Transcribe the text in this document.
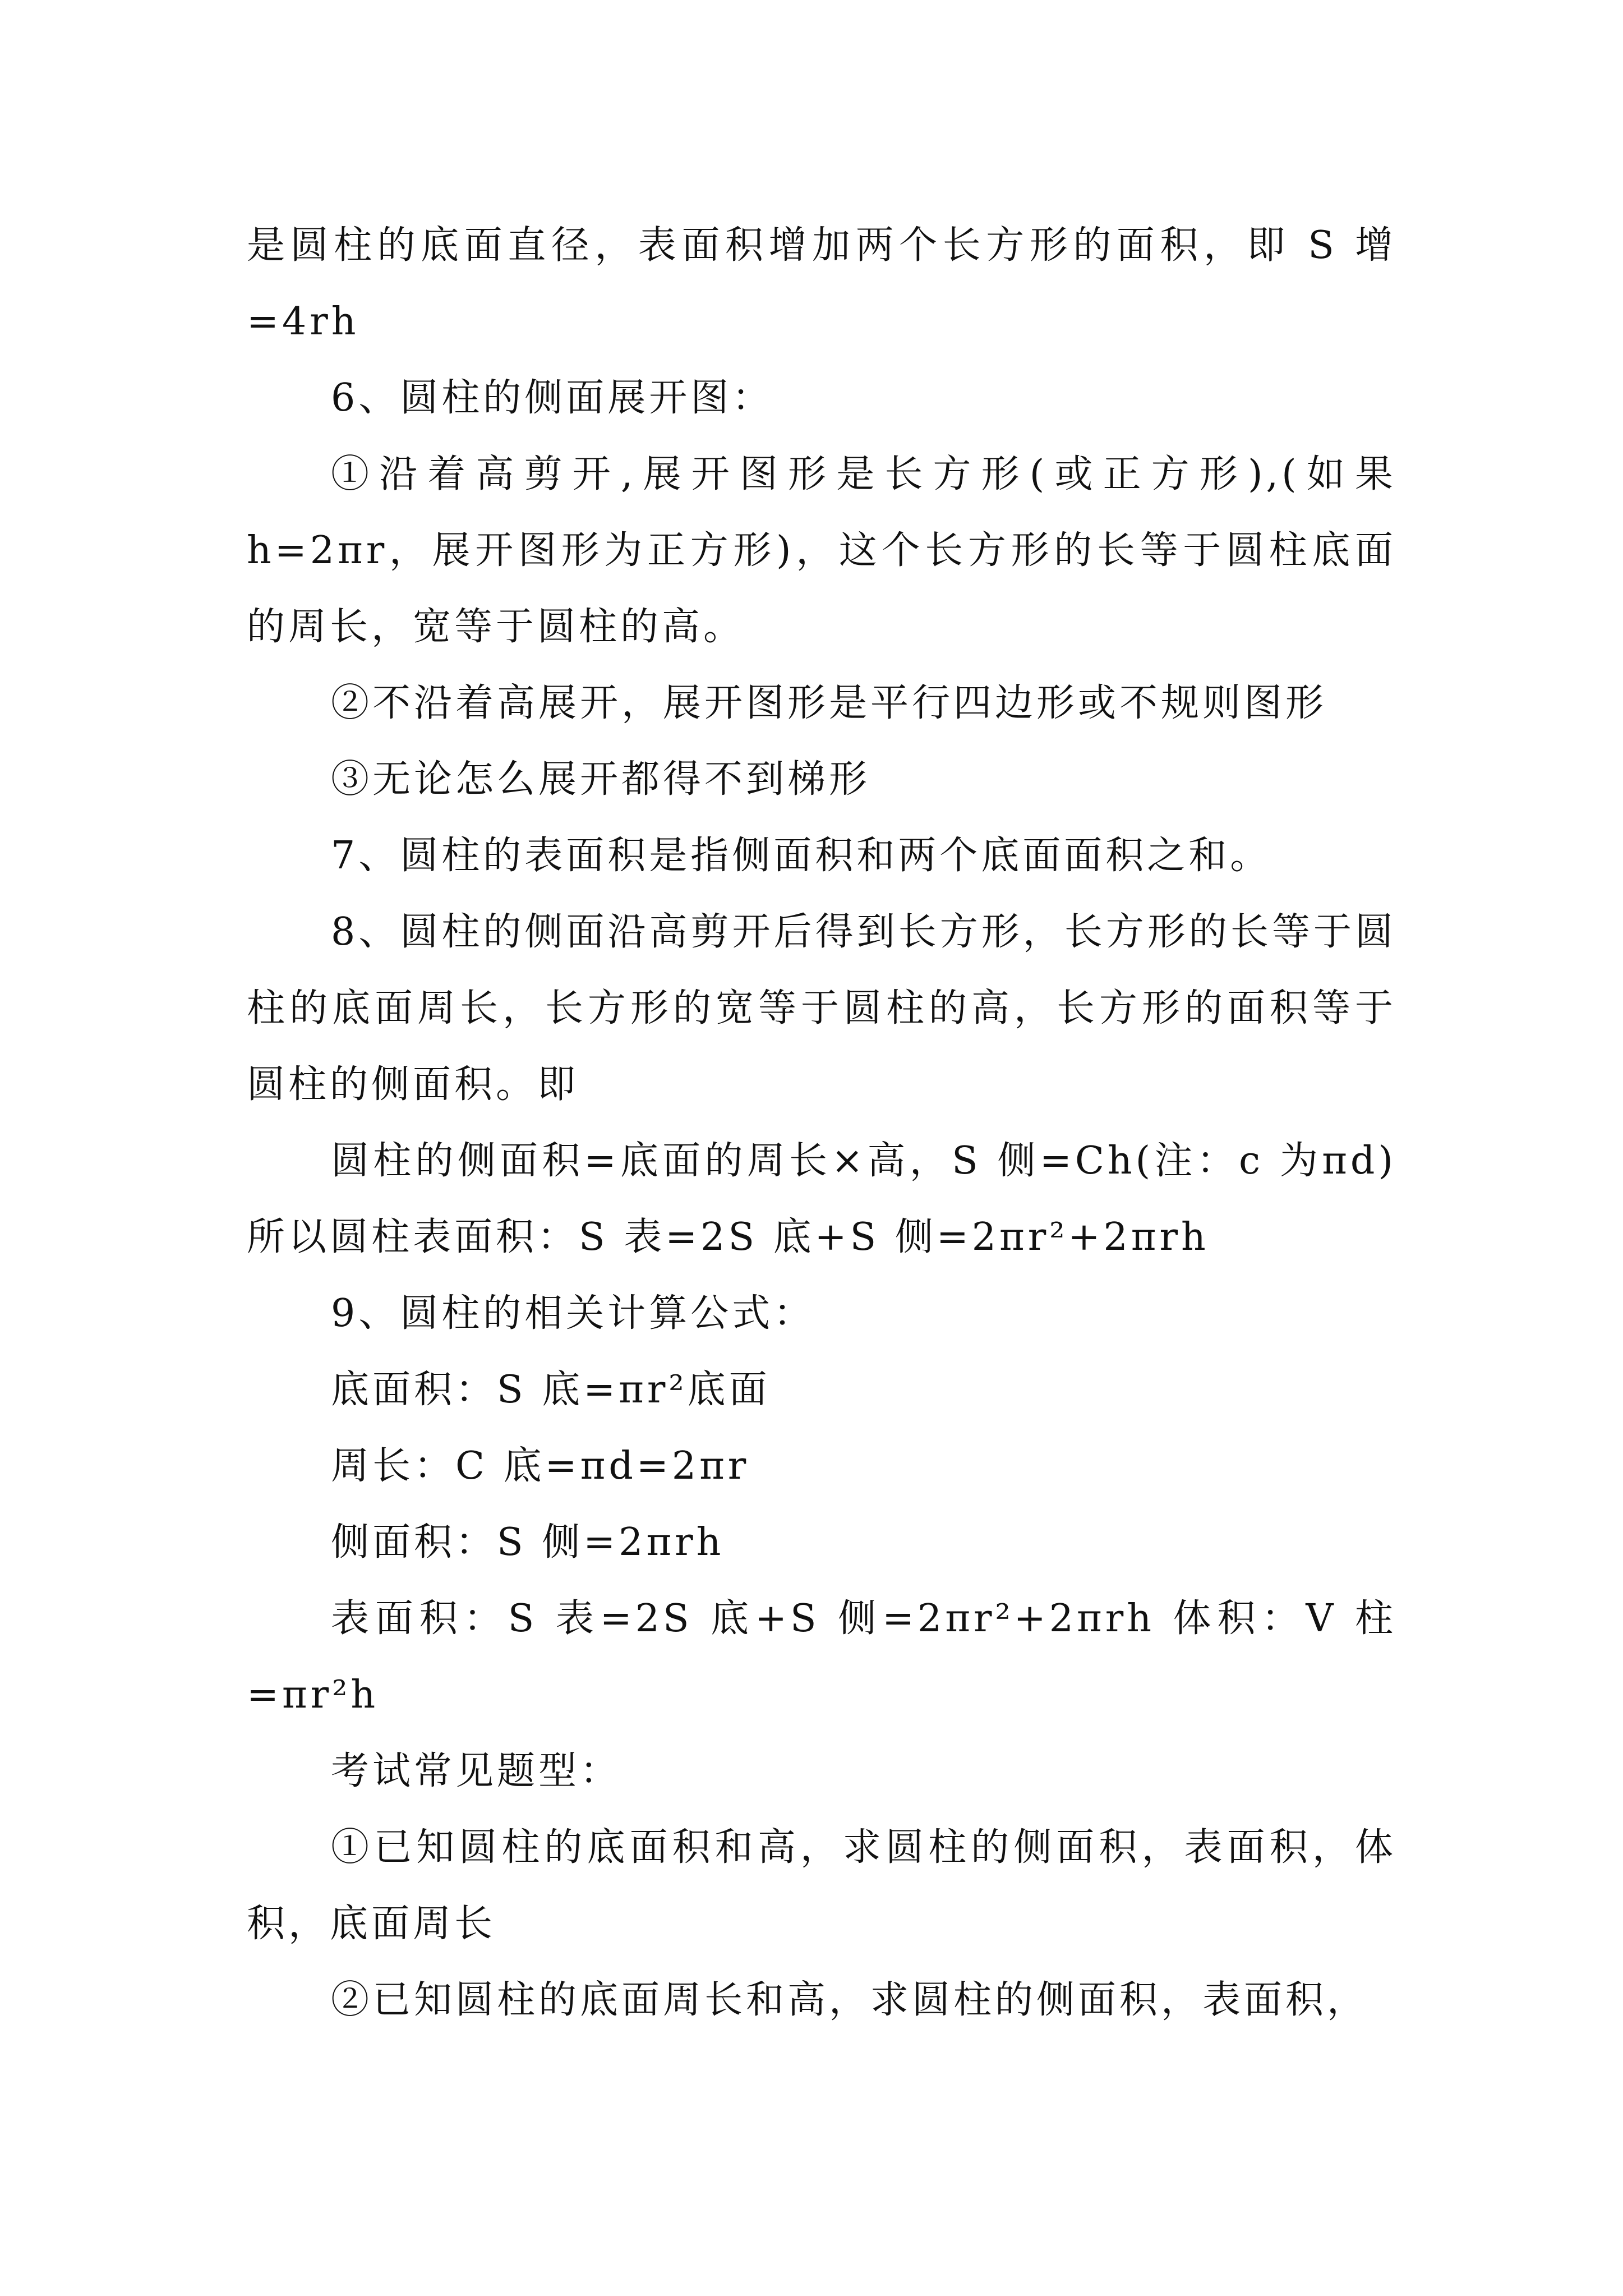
是圆柱的底面直径，表面积增加两个长方形的面积，即 S 增=4rh

6、圆柱的侧面展开图：

①沿着高剪开,展开图形是长方形(或正方形),(如果 h=2πr，展开图形为正方形)，这个长方形的长等于圆柱底面的周长，宽等于圆柱的高。

②不沿着高展开，展开图形是平行四边形或不规则图形

③无论怎么展开都得不到梯形

7、圆柱的表面积是指侧面积和两个底面面积之和。

8、圆柱的侧面沿高剪开后得到长方形，长方形的长等于圆柱的底面周长，长方形的宽等于圆柱的高，长方形的面积等于圆柱的侧面积。即

圆柱的侧面积=底面的周长×高，S 侧=Ch(注：c 为πd)所以圆柱表面积：S 表=2S 底+S 侧=2πr²+2πrh

9、圆柱的相关计算公式：

底面积：S 底=πr²底面

周长：C 底=πd=2πr

侧面积：S 侧=2πrh

表面积：S 表=2S 底+S 侧=2πr²+2πrh 体积：V 柱=πr²h

考试常见题型：

①已知圆柱的底面积和高，求圆柱的侧面积，表面积，体积，底面周长

②已知圆柱的底面周长和高，求圆柱的侧面积，表面积，
